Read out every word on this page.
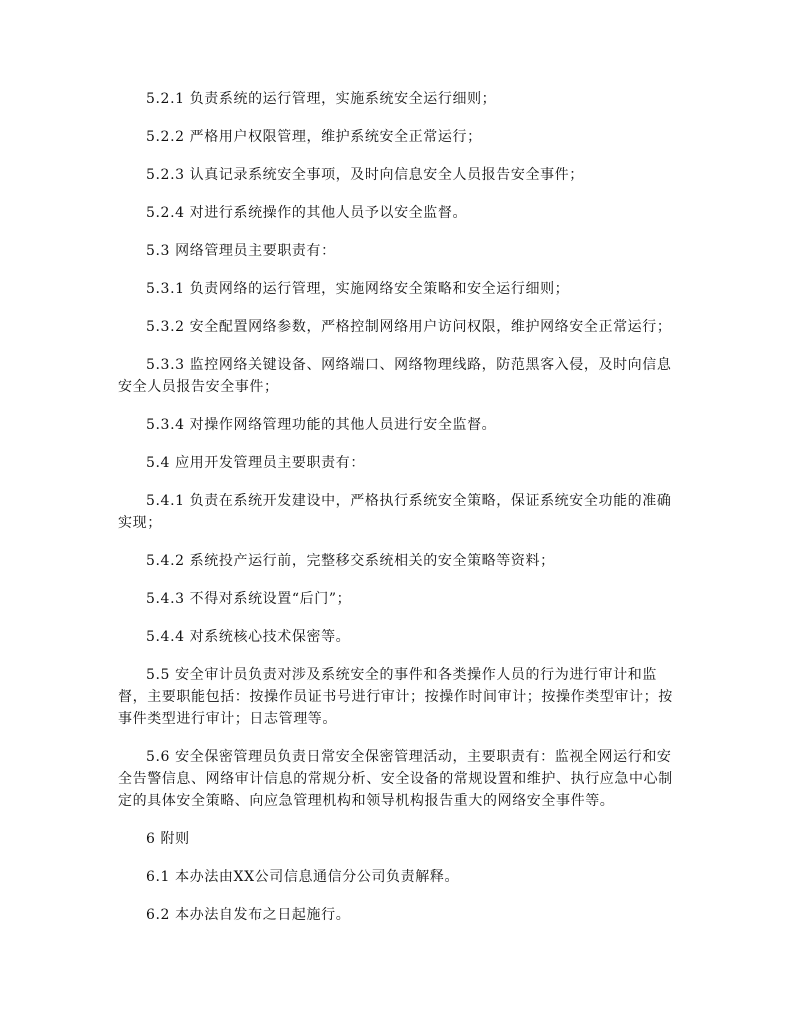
5.2.1 负责系统的运行管理，实施系统安全运行细则；

5.2.2 严格用户权限管理，维护系统安全正常运行；

5.2.3 认真记录系统安全事项，及时向信息安全人员报告安全事件；

5.2.4 对进行系统操作的其他人员予以安全监督。

5.3 网络管理员主要职责有：

5.3.1 负责网络的运行管理，实施网络安全策略和安全运行细则；

5.3.2 安全配置网络参数，严格控制网络用户访问权限，维护网络安全正常运行；

5.3.3 监控网络关键设备、网络端口、网络物理线路，防范黑客入侵，及时向信息安全人员报告安全事件；

5.3.4 对操作网络管理功能的其他人员进行安全监督。

5.4 应用开发管理员主要职责有：

5.4.1 负责在系统开发建设中，严格执行系统安全策略，保证系统安全功能的准确实现；

5.4.2 系统投产运行前，完整移交系统相关的安全策略等资料；

5.4.3 不得对系统设置“后门”；

5.4.4 对系统核心技术保密等。

5.5 安全审计员负责对涉及系统安全的事件和各类操作人员的行为进行审计和监督，主要职能包括：按操作员证书号进行审计；按操作时间审计；按操作类型审计；按事件类型进行审计；日志管理等。

5.6 安全保密管理员负责日常安全保密管理活动，主要职责有：监视全网运行和安全告警信息、网络审计信息的常规分析、安全设备的常规设置和维护、执行应急中心制定的具体安全策略、向应急管理机构和领导机构报告重大的网络安全事件等。

6 附则

6.1 本办法由XX公司信息通信分公司负责解释。

6.2 本办法自发布之日起施行。
